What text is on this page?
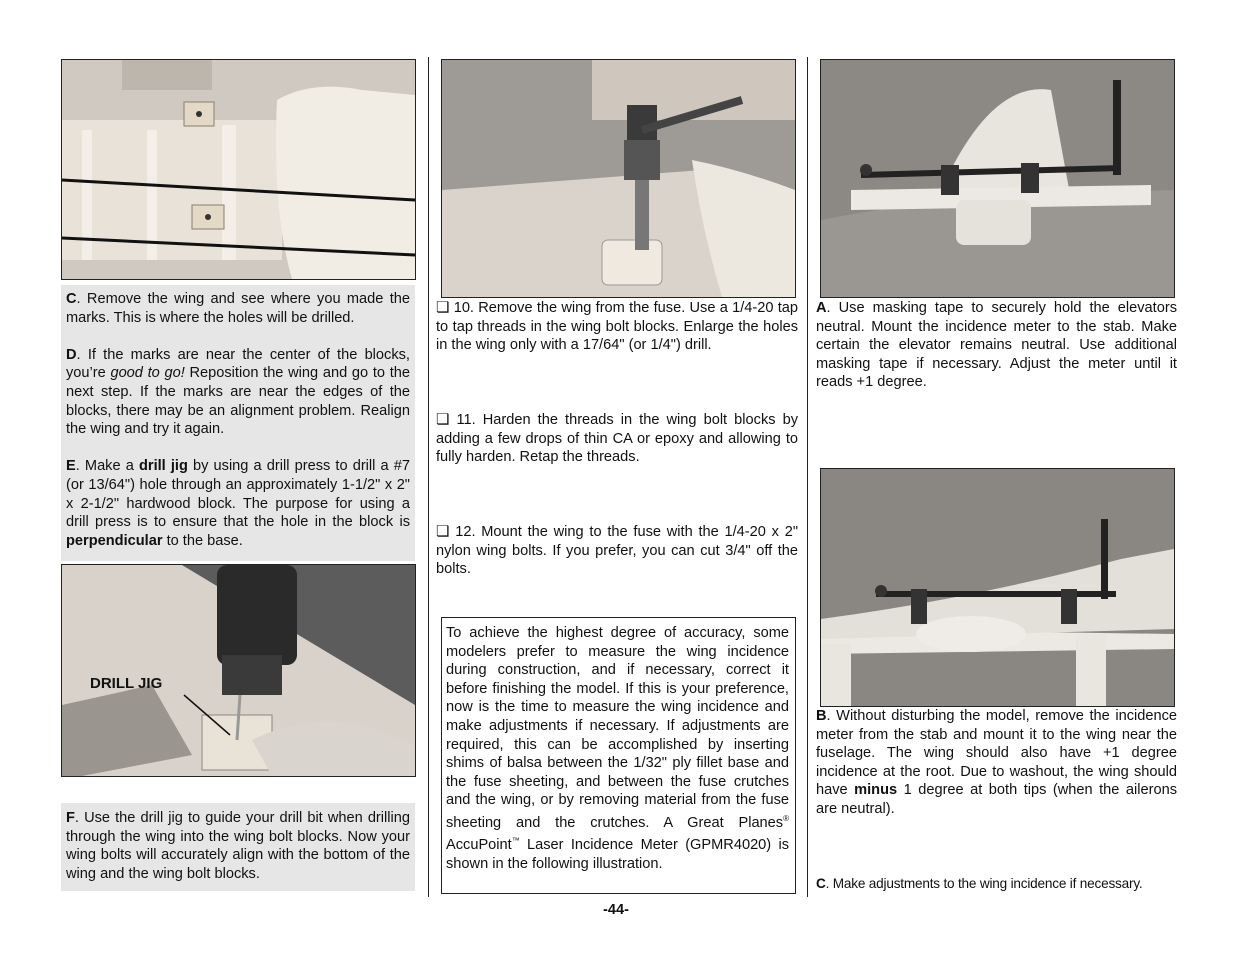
C. Remove the wing and see where you made the marks. This is where the holes will be drilled.

D. If the marks are near the center of the blocks, you’re good to go! Reposition the wing and go to the next step. If the marks are near the edges of the blocks, there may be an alignment problem. Realign the wing and try it again.

E. Make a drill jig by using a drill press to drill a #7 (or 13/64") hole through an approximately 1-1/2" x 2" x 2-1/2" hardwood block. The purpose for using a drill press is to ensure that the hole in the block is perpendicular to the base.

DRILL JIG

F. Use the drill jig to guide your drill bit when drilling through the wing into the wing bolt blocks. Now your wing bolts will accurately align with the bottom of the wing and the wing bolt blocks.

❏ 10. Remove the wing from the fuse. Use a 1/4-20 tap to tap threads in the wing bolt blocks. Enlarge the holes in the wing only with a 17/64" (or 1/4") drill.

❏ 11. Harden the threads in the wing bolt blocks by adding a few drops of thin CA or epoxy and allowing to fully harden. Retap the threads.

❏ 12. Mount the wing to the fuse with the 1/4-20 x 2" nylon wing bolts. If you prefer, you can cut 3/4" off the bolts.

To achieve the highest degree of accuracy, some modelers prefer to measure the wing incidence during construction, and if necessary, correct it before finishing the model. If this is your preference, now is the time to measure the wing incidence and make adjustments if necessary. If adjustments are required, this can be accomplished by inserting shims of balsa between the 1/32" ply fillet base and the fuse sheeting, and between the fuse crutches and the wing, or by removing material from the fuse sheeting and the crutches. A Great Planes® AccuPoint™ Laser Incidence Meter (GPMR4020) is shown in the following illustration.

A. Use masking tape to securely hold the elevators neutral. Mount the incidence meter to the stab. Make certain the elevator remains neutral. Use additional masking tape if necessary. Adjust the meter until it reads +1 degree.

B. Without disturbing the model, remove the incidence meter from the stab and mount it to the wing near the fuselage. The wing should also have +1 degree incidence at the root. Due to washout, the wing should have minus 1 degree at both tips (when the ailerons are neutral).

C. Make adjustments to the wing incidence if necessary.

-44-
